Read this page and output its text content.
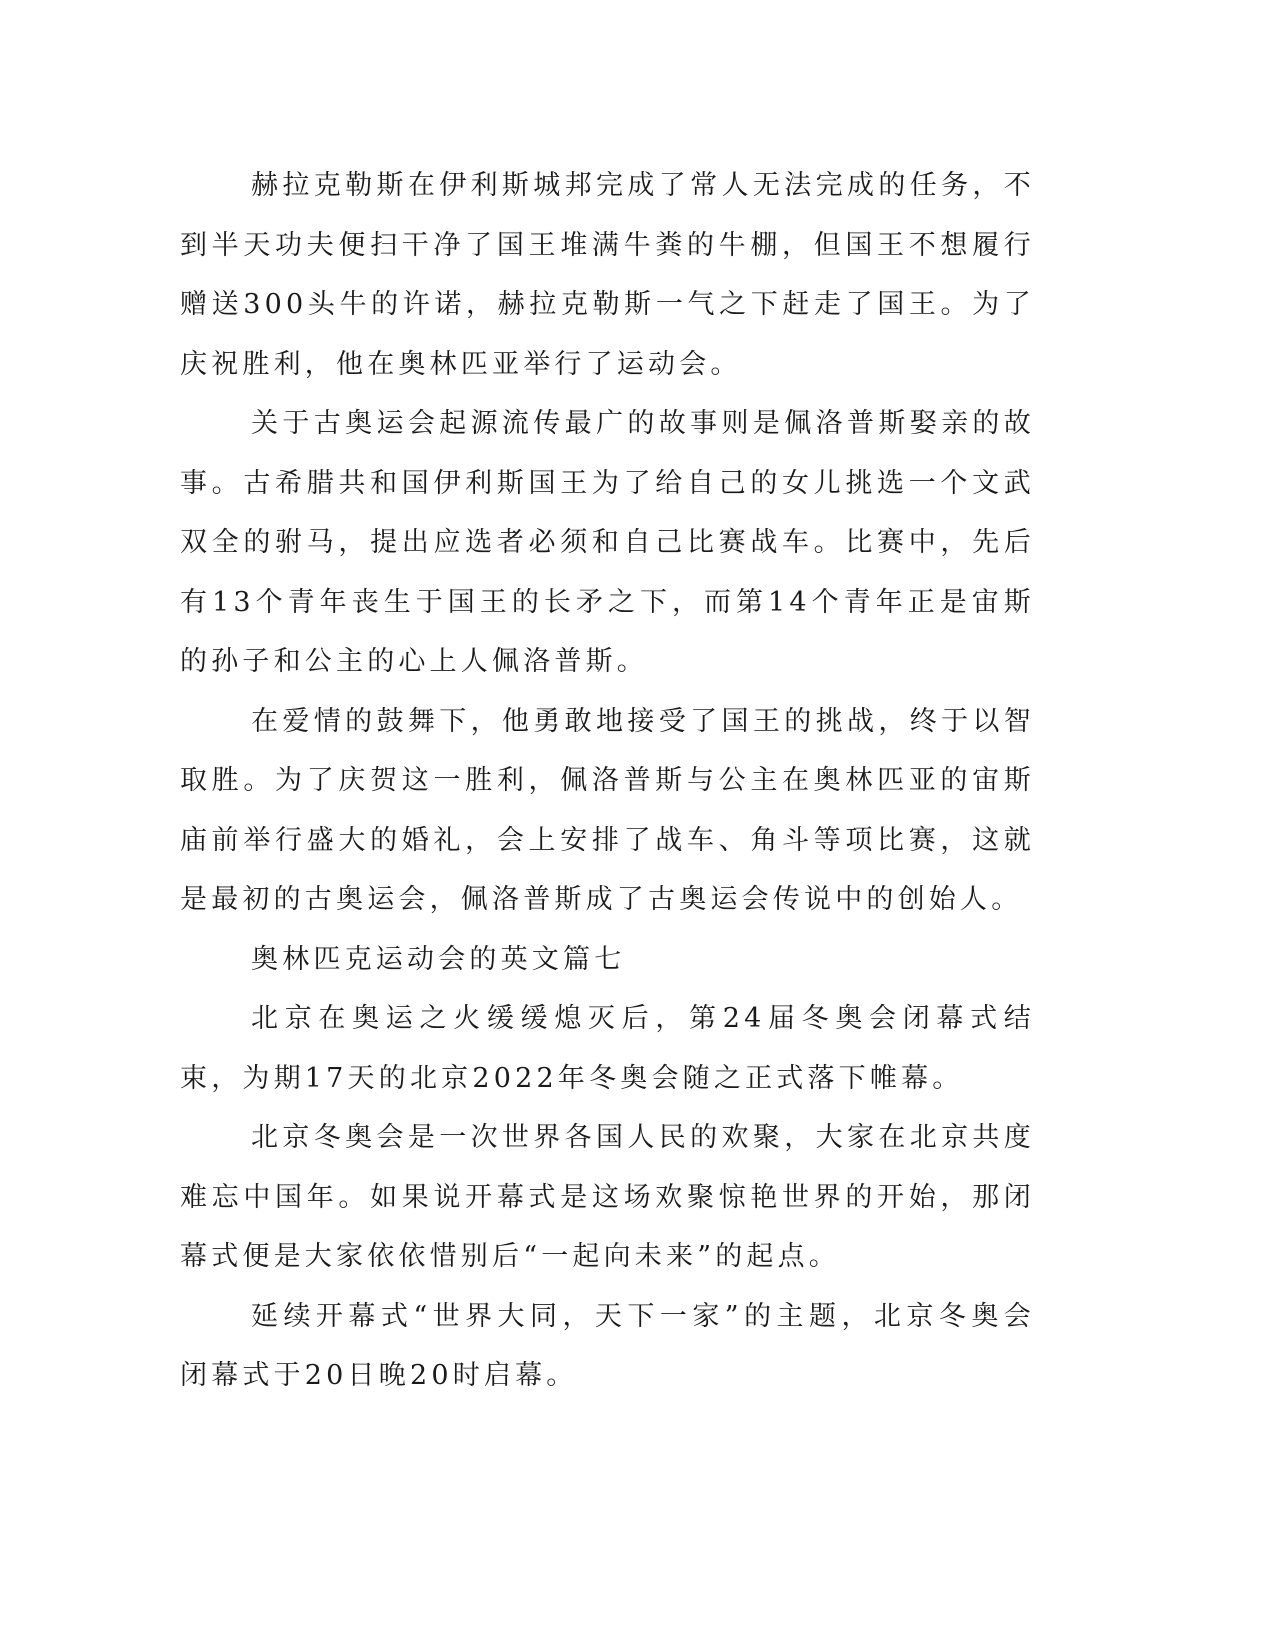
赫拉克勒斯在伊利斯城邦完成了常人无法完成的任务，不到半天功夫便扫干净了国王堆满牛粪的牛棚，但国王不想履行赠送300头牛的许诺，赫拉克勒斯一气之下赶走了国王。为了庆祝胜利，他在奥林匹亚举行了运动会。

关于古奥运会起源流传最广的故事则是佩洛普斯娶亲的故事。古希腊共和国伊利斯国王为了给自己的女儿挑选一个文武双全的驸马，提出应选者必须和自己比赛战车。比赛中，先后有13个青年丧生于国王的长矛之下，而第14个青年正是宙斯的孙子和公主的心上人佩洛普斯。

在爱情的鼓舞下，他勇敢地接受了国王的挑战，终于以智取胜。为了庆贺这一胜利，佩洛普斯与公主在奥林匹亚的宙斯庙前举行盛大的婚礼，会上安排了战车、角斗等项比赛，这就是最初的古奥运会，佩洛普斯成了古奥运会传说中的创始人。

奥林匹克运动会的英文篇七

北京在奥运之火缓缓熄灭后，第24届冬奥会闭幕式结束，为期17天的北京2022年冬奥会随之正式落下帷幕。

北京冬奥会是一次世界各国人民的欢聚，大家在北京共度难忘中国年。如果说开幕式是这场欢聚惊艳世界的开始，那闭幕式便是大家依依惜别后“一起向未来”的起点。

延续开幕式“世界大同，天下一家”的主题，北京冬奥会闭幕式于20日晚20时启幕。
